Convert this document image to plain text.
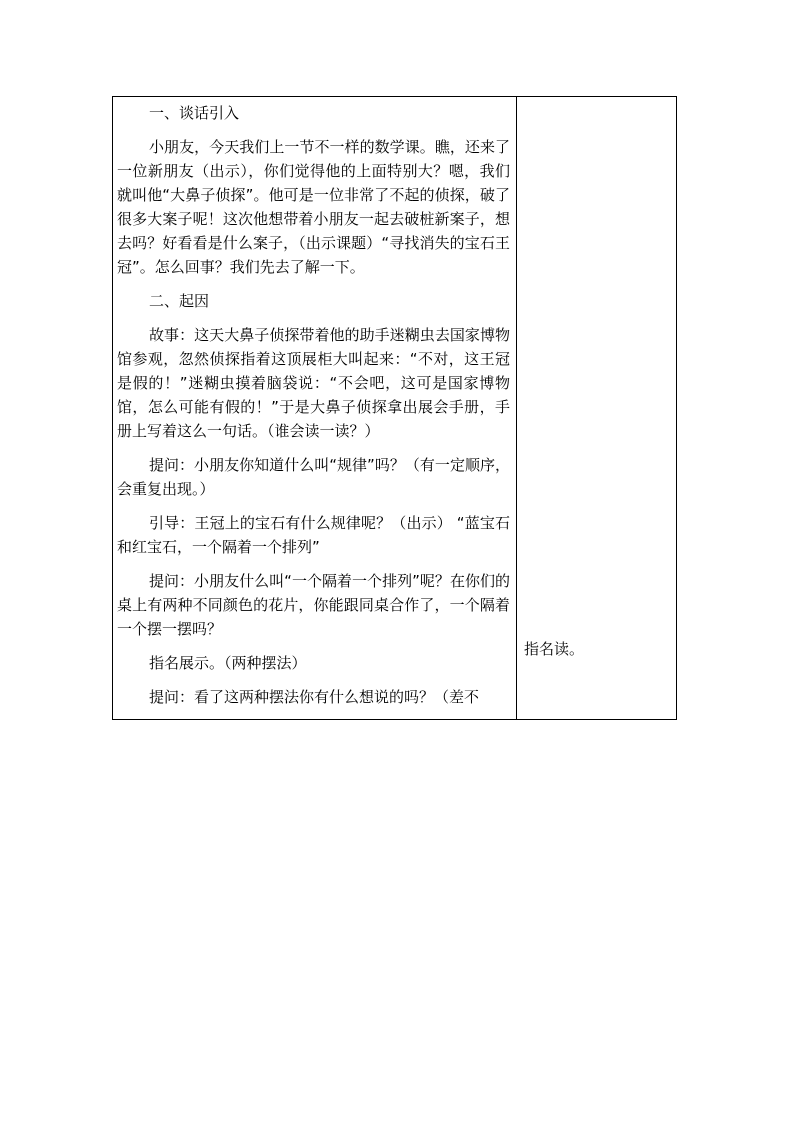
一、谈话引入

小朋友，今天我们上一节不一样的数学课。瞧，还来了一位新朋友（出示），你们觉得他的上面特别大？嗯，我们就叫他“大鼻子侦探”。他可是一位非常了不起的侦探，破了很多大案子呢！这次他想带着小朋友一起去破桩新案子，想去吗？好看看是什么案子，（出示课题）“寻找消失的宝石王冠”。怎么回事？我们先去了解一下。

二、起因

故事：这天大鼻子侦探带着他的助手迷糊虫去国家博物馆参观，忽然侦探指着这顶展柜大叫起来：“不对，这王冠是假的！”迷糊虫摸着脑袋说：“不会吧，这可是国家博物馆，怎么可能有假的！”于是大鼻子侦探拿出展会手册，手册上写着这么一句话。（谁会读一读？）

提问：小朋友你知道什么叫“规律”吗？（有一定顺序，会重复出现。）

引导：王冠上的宝石有什么规律呢？（出示） “蓝宝石和红宝石，一个隔着一个排列”

提问：小朋友什么叫“一个隔着一个排列”呢？在你们的桌上有两种不同颜色的花片，你能跟同桌合作了，一个隔着一个摆一摆吗？

指名展示。（两种摆法）

提问：看了这两种摆法你有什么想说的吗？（差不

指名读。
